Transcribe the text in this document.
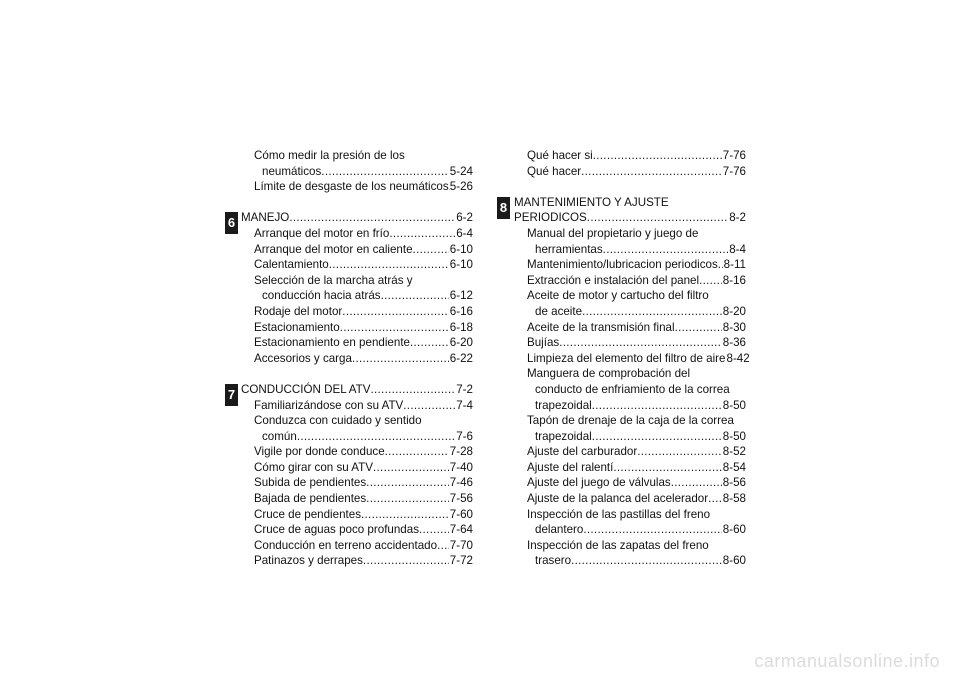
Cómo medir la presión de los
neumáticos .....	5-24
Límite de desgaste de los neumáticos ..... 5-26
6 MANEJO .....	6-2
Arranque del motor en frío .....	6-4
Arranque del motor en caliente .....	6-10
Calentamiento .....	6-10
Selección de la marcha atrás y
conducción hacia atrás .....	6-12
Rodaje del motor .....	6-16
Estacionamiento .....	6-18
Estacionamiento en pendiente .....	6-20
Accesorios y carga .....	6-22
7 CONDUCCIÓN DEL ATV .....	7-2
Familiarizándose con su ATV .....	7-4
Conduzca con cuidado y sentido
común .....	7-6
Vigile por donde conduce .....	7-28
Cómo girar con su ATV .....	7-40
Subida de pendientes .....	7-46
Bajada de pendientes .....	7-56
Cruce de pendientes .....	7-60
Cruce de aguas poco profundas .....	7-64
Conducción en terreno accidentado ..... 7-70
Patinazos y derrapes .....	7-72
Qué hacer si .....	7-76
Qué hacer .....	7-76
8 MANTENIMIENTO Y AJUSTE
PERIODICOS .....	8-2
Manual del propietario y juego de
herramientas .....	8-4
Mantenimiento/lubricacion periodicos ..... 8-11
Extracción e instalación del panel ..... 8-16
Aceite de motor y cartucho del filtro
de aceite .....	8-20
Aceite de la transmisión final .....	8-30
Bujías .....	8-36
Limpieza del elemento del filtro de aire 8-42
Manguera de comprobación del
conducto de enfriamiento de la correa
trapezoidal .....	8-50
Tapón de drenaje de la caja de la correa
trapezoidal .....	8-50
Ajuste del carburador .....	8-52
Ajuste del ralentí .....	8-54
Ajuste del juego de válvulas .....	8-56
Ajuste de la palanca del acelerador ..... 8-58
Inspección de las pastillas del freno
delantero .....	8-60
Inspección de las zapatas del freno
trasero .....	8-60
carmanualsonline.info
